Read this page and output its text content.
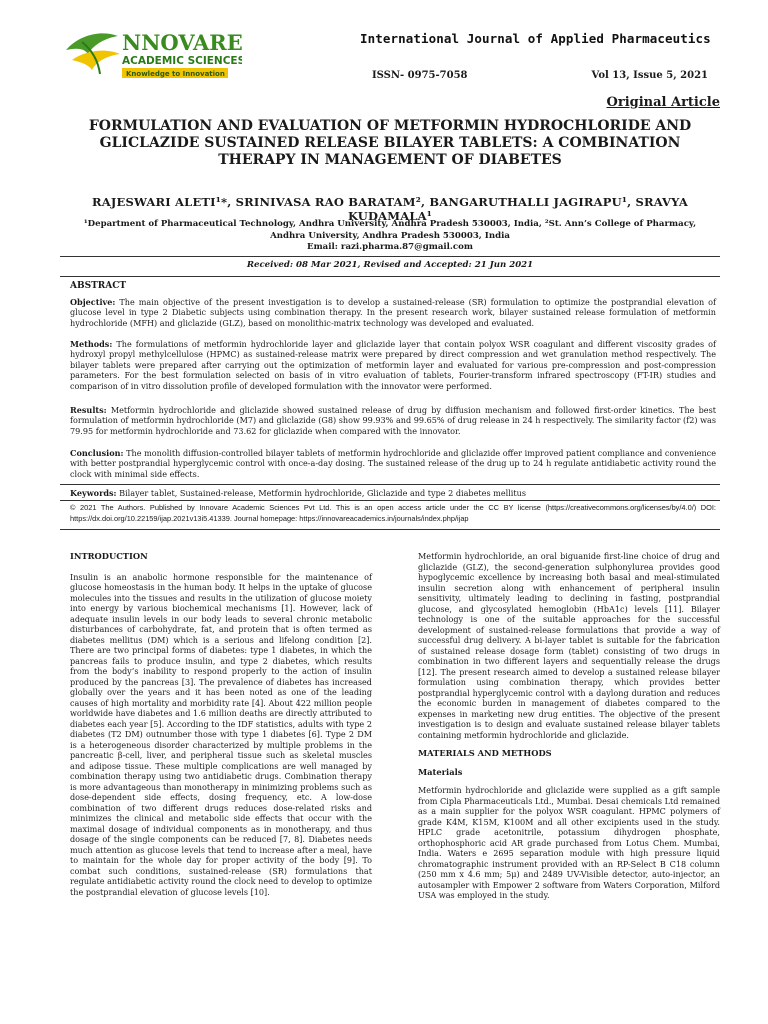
NNOVARE
ACADEMIC SCIENCES
Knowledge to Innovation
International Journal of Applied Pharmaceutics
ISSN- 0975-7058	Vol 13, Issue 5, 2021
Original Article
FORMULATION AND EVALUATION OF METFORMIN HYDROCHLORIDE AND GLICLAZIDE SUSTAINED RELEASE BILAYER TABLETS: A COMBINATION THERAPY IN MANAGEMENT OF DIABETES
RAJESWARI ALETI¹*, SRINIVASA RAO BARATAM², BANGARUTHALLI JAGIRAPU¹, SRAVYA KUDAMALA¹
¹Department of Pharmaceutical Technology, Andhra University, Andhra Pradesh 530003, India, ²St. Ann’s College of Pharmacy, Andhra University, Andhra Pradesh 530003, India
Email: razi.pharma.87@gmail.com
Received: 08 Mar 2021, Revised and Accepted: 21 Jun 2021
ABSTRACT
Objective: The main objective of the present investigation is to develop a sustained-release (SR) formulation to optimize the postprandial elevation of glucose level in type 2 Diabetic subjects using combination therapy. In the present research work, bilayer sustained release formulation of metformin hydrochloride (MFH) and gliclazide (GLZ), based on monolithic-matrix technology was developed and evaluated.
Methods: The formulations of metformin hydrochloride layer and gliclazide layer that contain polyox WSR coagulant and different viscosity grades of hydroxyl propyl methylcellulose (HPMC) as sustained-release matrix were prepared by direct compression and wet granulation method respectively. The bilayer tablets were prepared after carrying out the optimization of metformin layer and evaluated for various pre-compression and post-compression parameters. For the best formulation selected on basis of in vitro evaluation of tablets, Fourier-transform infrared spectroscopy (FT-IR) studies and comparison of in vitro dissolution profile of developed formulation with the innovator were performed.
Results: Metformin hydrochloride and gliclazide showed sustained release of drug by diffusion mechanism and followed first-order kinetics. The best formulation of metformin hydrochloride (M7) and gliclazide (G8) show 99.93% and 99.65% of drug release in 24 h respectively. The similarity factor (f2) was 79.95 for metformin hydrochloride and 73.62 for gliclazide when compared with the innovator.
Conclusion: The monolith diffusion-controlled bilayer tablets of metformin hydrochloride and gliclazide offer improved patient compliance and convenience with better postprandial hyperglycemic control with once-a-day dosing. The sustained release of the drug up to 24 h regulate antidiabetic activity round the clock with minimal side effects.
Keywords: Bilayer tablet, Sustained-release, Metformin hydrochloride, Gliclazide and type 2 diabetes mellitus
© 2021 The Authors. Published by Innovare Academic Sciences Pvt Ltd. This is an open access article under the CC BY license (https://creativecommons.org/licenses/by/4.0/) DOI: https://dx.doi.org/10.22159/ijap.2021v13i5.41339. Journal homepage: https://innovareacademics.in/journals/index.php/ijap

INTRODUCTION

Insulin is an anabolic hormone responsible for the maintenance of glucose homeostasis in the human body. It helps in the uptake of glucose molecules into the tissues and results in the utilization of glucose moiety into energy by various biochemical mechanisms [1]. However, lack of adequate insulin levels in our body leads to several chronic metabolic disturbances of carbohydrate, fat, and protein that is often termed as diabetes mellitus (DM) which is a serious and lifelong condition [2]. There are two principal forms of diabetes: type 1 diabetes, in which the pancreas fails to produce insulin, and type 2 diabetes, which results from the body’s inability to respond properly to the action of insulin produced by the pancreas [3]. The prevalence of diabetes has increased globally over the years and it has been noted as one of the leading causes of high mortality and morbidity rate [4]. About 422 million people worldwide have diabetes and 1.6 million deaths are directly attributed to diabetes each year [5]. According to the IDF statistics, adults with type 2 diabetes (T2 DM) outnumber those with type 1 diabetes [6]. Type 2 DM is a heterogeneous disorder characterized by multiple problems in the pancreatic β-cell, liver, and peripheral tissue such as skeletal muscles and adipose tissue. These multiple complications are well managed by combination therapy using two antidiabetic drugs. Combination therapy is more advantageous than monotherapy in minimizing problems such as dose-dependent side effects, dosing frequency, etc. A low-dose combination of two different drugs reduces dose-related risks and minimizes the clinical and metabolic side effects that occur with the maximal dosage of individual components as in monotherapy, and thus dosage of the single components can be reduced [7, 8]. Diabetes needs much attention as glucose levels that tend to increase after a meal, have to maintain for the whole day for proper activity of the body [9]. To combat such conditions, sustained-release (SR) formulations that regulate antidiabetic activity round the clock need to develop to optimize the postprandial elevation of glucose levels [10].

Metformin hydrochloride, an oral biguanide first-line choice of drug and gliclazide (GLZ), the second-generation sulphonylurea provides good hypoglycemic excellence by increasing both basal and meal-stimulated insulin secretion along with enhancement of peripheral insulin sensitivity, ultimately leading to declining in fasting, postprandial glucose, and glycosylated hemoglobin (HbA1c) levels [11]. Bilayer technology is one of the suitable approaches for the successful development of sustained-release formulations that provide a way of successful drug delivery. A bi-layer tablet is suitable for the fabrication of sustained release dosage form (tablet) consisting of two drugs in combination in two different layers and sequentially release the drugs [12]. The present research aimed to develop a sustained release bilayer formulation using combination therapy, which provides better postprandial hyperglycemic control with a daylong duration and reduces the economic burden in management of diabetes compared to the expenses in marketing new drug entities. The objective of the present investigation is to design and evaluate sustained release bilayer tablets containing metformin hydrochloride and gliclazide.

MATERIALS AND METHODS

Materials

Metformin hydrochloride and gliclazide were supplied as a gift sample from Cipla Pharmaceuticals Ltd., Mumbai. Desai chemicals Ltd remained as a main supplier for the polyox WSR coagulant. HPMC polymers of grade K4M, K15M, K100M and all other excipients used in the study. HPLC grade acetonitrile, potassium dihydrogen phosphate, orthophosphoric acid AR grade purchased from Lotus Chem. Mumbai, India. Waters e 2695 separation module with high pressure liquid chromatographic instrument provided with an RP-Select B C18 column (250 mm x 4.6 mm; 5μ) and 2489 UV-Visible detector, auto-injector, an autosampler with Empower 2 software from Waters Corporation, Milford USA was employed in the study.
